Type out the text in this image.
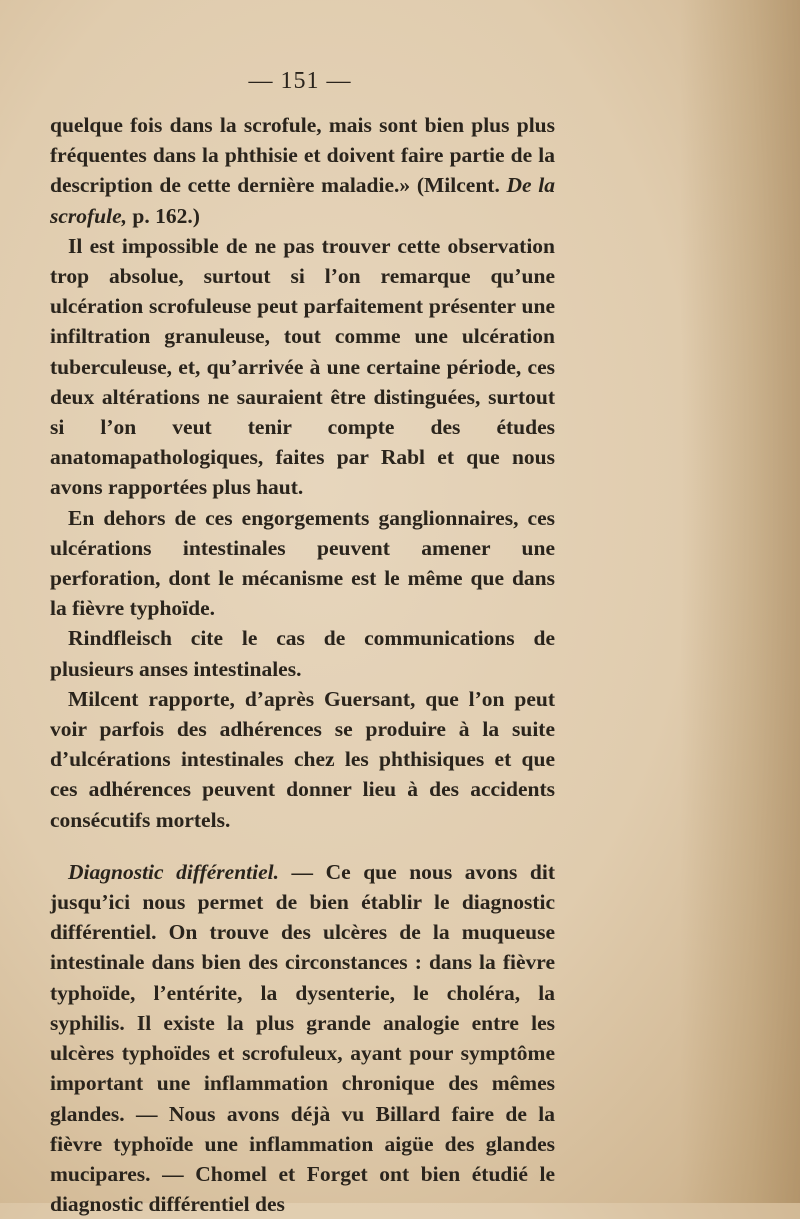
— 151 —

quelque fois dans la scrofule, mais sont bien plus plus fréquentes dans la phthisie et doivent faire partie de la description de cette dernière maladie.» (Milcent. De la scrofule, p. 162.)

Il est impossible de ne pas trouver cette observation trop absolue, surtout si l’on remarque qu’une ulcération scrofuleuse peut parfaitement présenter une infiltration granuleuse, tout comme une ulcération tuberculeuse, et, qu’arrivée à une certaine période, ces deux altérations ne sauraient être distinguées, surtout si l’on veut tenir compte des études anatomapathologiques, faites par Rabl et que nous avons rapportées plus haut.

En dehors de ces engorgements ganglionnaires, ces ulcérations intestinales peuvent amener une perforation, dont le mécanisme est le même que dans la fièvre typhoïde.

Rindfleisch cite le cas de communications de plusieurs anses intestinales.

Milcent rapporte, d’après Guersant, que l’on peut voir parfois des adhérences se produire à la suite d’ulcérations intestinales chez les phthisiques et que ces adhérences peuvent donner lieu à des accidents consécutifs mortels.

Diagnostic différentiel. — Ce que nous avons dit jusqu’ici nous permet de bien établir le diagnostic différentiel. On trouve des ulcères de la muqueuse intestinale dans bien des circonstances : dans la fièvre typhoïde, l’entérite, la dysenterie, le choléra, la syphilis. Il existe la plus grande analogie entre les ulcères typhoïdes et scrofuleux, ayant pour symptôme important une inflammation chronique des mêmes glandes. — Nous avons déjà vu Billard faire de la fièvre typhoïde une inflammation aigüe des glandes mucipares. — Chomel et Forget ont bien étudié le diagnostic différentiel des
